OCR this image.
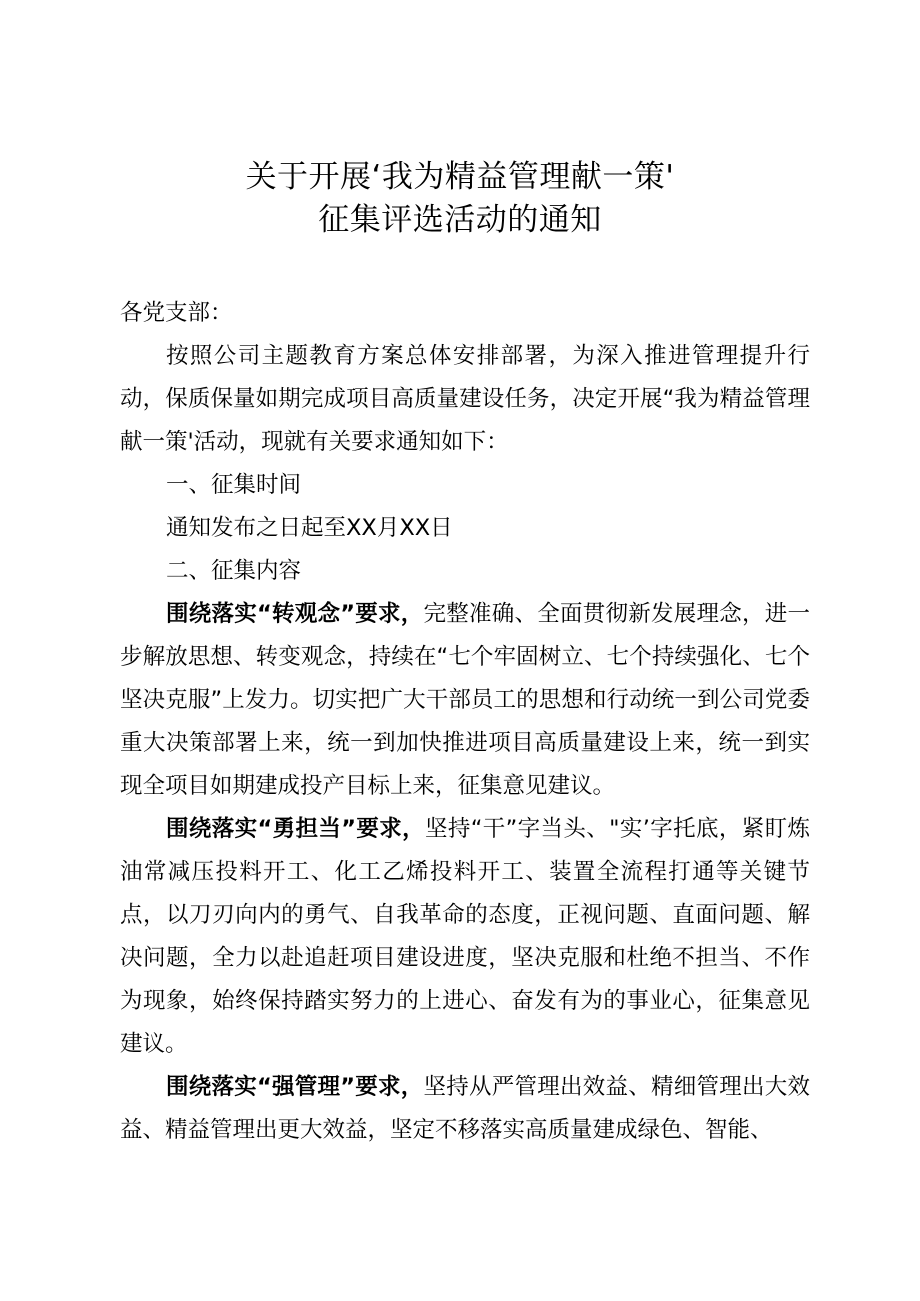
关于开展‘我为精益管理献一策'
征集评选活动的通知

各党支部：

按照公司主题教育方案总体安排部署，为深入推进管理提升行动，保质保量如期完成项目高质量建设任务，决定开展“我为精益管理献一策'活动，现就有关要求通知如下：

一、征集时间

通知发布之日起至XX月XX日

二、征集内容

围绕落实“转观念”要求，完整准确、全面贯彻新发展理念，进一步解放思想、转变观念，持续在“七个牢固树立、七个持续强化、七个坚决克服”上发力。切实把广大干部员工的思想和行动统一到公司党委重大决策部署上来，统一到加快推进项目高质量建设上来，统一到实现全项目如期建成投产目标上来，征集意见建议。

围绕落实“勇担当”要求，坚持“干”字当头、"实’字托底，紧盯炼油常减压投料开工、化工乙烯投料开工、装置全流程打通等关键节点，以刀刃向内的勇气、自我革命的态度，正视问题、直面问题、解决问题，全力以赴追赶项目建设进度，坚决克服和杜绝不担当、不作为现象，始终保持踏实努力的上进心、奋发有为的事业心，征集意见建议。

围绕落实“强管理”要求，坚持从严管理出效益、精细管理出大效益、精益管理出更大效益，坚定不移落实高质量建成绿色、智能、
